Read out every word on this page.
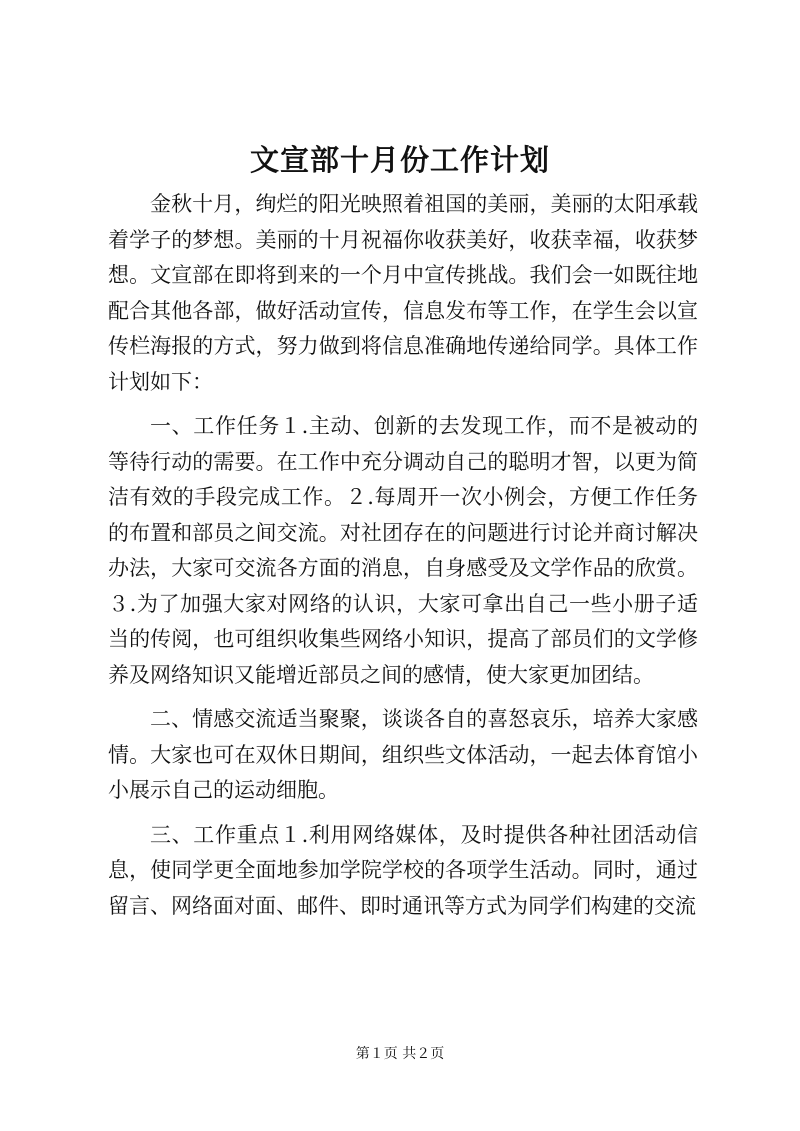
文宣部十月份工作计划

金秋十月，绚烂的阳光映照着祖国的美丽，美丽的太阳承载着学子的梦想。美丽的十月祝福你收获美好，收获幸福，收获梦想。文宣部在即将到来的一个月中宣传挑战。我们会一如既往地配合其他各部，做好活动宣传，信息发布等工作，在学生会以宣传栏海报的方式，努力做到将信息准确地传递给同学。具体工作计划如下：

一、工作任务１.主动、创新的去发现工作，而不是被动的等待行动的需要。在工作中充分调动自己的聪明才智，以更为简洁有效的手段完成工作。２.每周开一次小例会，方便工作任务的布置和部员之间交流。对社团存在的问题进行讨论并商讨解决办法，大家可交流各方面的消息，自身感受及文学作品的欣赏。３.为了加强大家对网络的认识，大家可拿出自己一些小册子适当的传阅，也可组织收集些网络小知识，提高了部员们的文学修养及网络知识又能增近部员之间的感情，使大家更加团结。

二、情感交流适当聚聚，谈谈各自的喜怒哀乐，培养大家感情。大家也可在双休日期间，组织些文体活动，一起去体育馆小小展示自己的运动细胞。

三、工作重点１.利用网络媒体，及时提供各种社团活动信息，使同学更全面地参加学院学校的各项学生活动。同时，通过留言、网络面对面、邮件、即时通讯等方式为同学们构建的交流

第１页 共２页
